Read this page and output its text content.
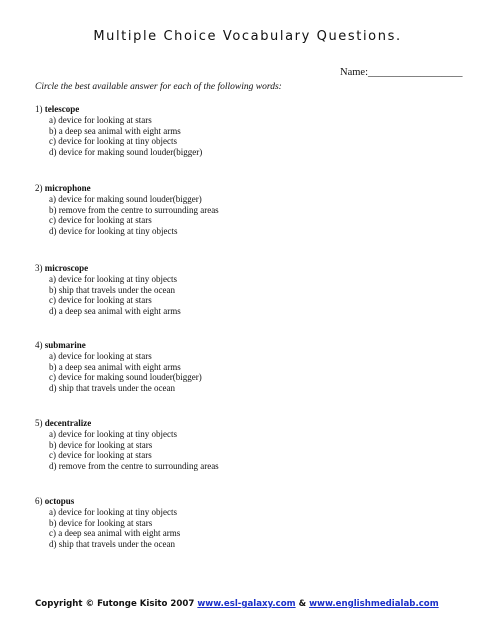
Multiple Choice Vocabulary Questions.
Name:__________________
Circle the best available answer for each of the following words:
1) telescope
a) device for looking at stars
b) a deep sea animal with eight arms
c) device for looking at tiny objects
d) device for making sound louder(bigger)
2) microphone
a) device for making sound louder(bigger)
b) remove from the centre to surrounding areas
c) device for looking at stars
d) device for looking at tiny objects
3) microscope
a) device for looking at tiny objects
b) ship that travels under the ocean
c) device for looking at stars
d) a deep sea animal with eight arms
4) submarine
a) device for looking at stars
b) a deep sea animal with eight arms
c) device for making sound louder(bigger)
d) ship that travels under the ocean
5) decentralize
a) device for looking at tiny objects
b) device for looking at stars
c) device for looking at stars
d) remove from the centre to surrounding areas
6) octopus
a) device for looking at tiny objects
b) device for looking at stars
c) a deep sea animal with eight arms
d) ship that travels under the ocean
Copyright © Futonge Kisito 2007 www.esl-galaxy.com & www.englishmedialab.com
